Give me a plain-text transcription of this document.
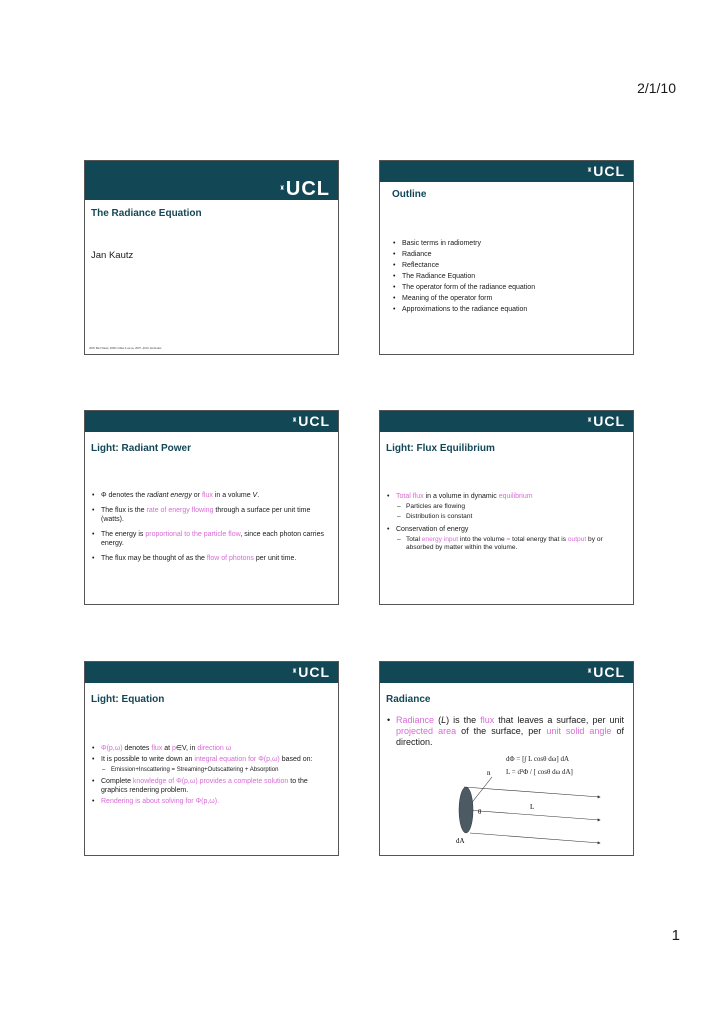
2/1/10
♜UCL
The Radiance Equation
Jan Kautz
2005 Mel Slater, 2006 Céline Loscos, 2007 -2010 Jan Kautz
♜UCL
Outline
• Basic terms in radiometry
• Radiance
• Reflectance
• The Radiance Equation
• The operator form of the radiance equation
• Meaning of the operator form
• Approximations to the radiance equation
♜UCL
Light: Radiant Power
• Φ denotes the radiant energy or flux in a volume V.
• The flux is the rate of energy flowing through a surface per unit time (watts).
• The energy is proportional to the particle flow, since each photon carries energy.
• The flux may be thought of as the flow of photons per unit time.
♜UCL
Light: Flux Equilibrium
• Total flux in a volume in dynamic equilibrium
– Particles are flowing
– Distribution is constant
• Conservation of energy
– Total energy input into the volume = total energy that is output by or absorbed by matter within the volume.
♜UCL
Light: Equation
• Φ(p,ω) denotes flux at p∈V, in direction ω
• It is possible to write down an integral equation for Φ(p,ω) based on:
– Emission+Inscattering = Streaming+Outscattering + Absorption
• Complete knowledge of Φ(p,ω) provides a complete solution to the graphics rendering problem.
• Rendering is about solving for Φ(p,ω).
♜UCL
Radiance
• Radiance (L) is the flux that leaves a surface, per unit projected area of the surface, per unit solid angle of direction.
dΦ = [∫ L cosθ dω] dA
L = d²Φ / [ cosθ dω dA]
n
θ
L
dA
1
